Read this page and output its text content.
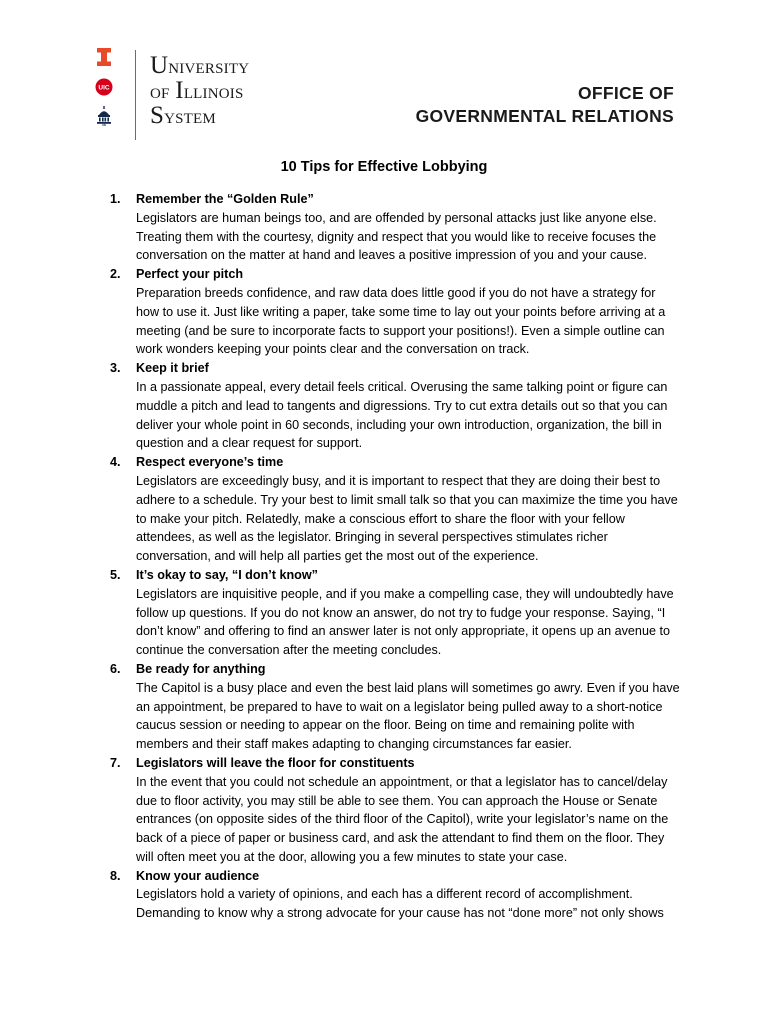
UIC
UIS
University
of Illinois
System
OFFICE OF
GOVERNMENTAL RELATIONS
10 Tips for Effective Lobbying
1. Remember the “Golden Rule”
Legislators are human beings too, and are offended by personal attacks just like anyone else. Treating them with the courtesy, dignity and respect that you would like to receive focuses the conversation on the matter at hand and leaves a positive impression of you and your cause.
2. Perfect your pitch
Preparation breeds confidence, and raw data does little good if you do not have a strategy for how to use it. Just like writing a paper, take some time to lay out your points before arriving at a meeting (and be sure to incorporate facts to support your positions!). Even a simple outline can work wonders keeping your points clear and the conversation on track.
3. Keep it brief
In a passionate appeal, every detail feels critical. Overusing the same talking point or figure can muddle a pitch and lead to tangents and digressions. Try to cut extra details out so that you can deliver your whole point in 60 seconds, including your own introduction, organization, the bill in question and a clear request for support.
4. Respect everyone’s time
Legislators are exceedingly busy, and it is important to respect that they are doing their best to adhere to a schedule. Try your best to limit small talk so that you can maximize the time you have to make your pitch. Relatedly, make a conscious effort to share the floor with your fellow attendees, as well as the legislator. Bringing in several perspectives stimulates richer conversation, and will help all parties get the most out of the experience.
5. It’s okay to say, “I don’t know”
Legislators are inquisitive people, and if you make a compelling case, they will undoubtedly have follow up questions. If you do not know an answer, do not try to fudge your response. Saying, “I don’t know” and offering to find an answer later is not only appropriate, it opens up an avenue to continue the conversation after the meeting concludes.
6. Be ready for anything
The Capitol is a busy place and even the best laid plans will sometimes go awry. Even if you have an appointment, be prepared to have to wait on a legislator being pulled away to a short-notice caucus session or needing to appear on the floor. Being on time and remaining polite with members and their staff makes adapting to changing circumstances far easier.
7. Legislators will leave the floor for constituents
In the event that you could not schedule an appointment, or that a legislator has to cancel/delay due to floor activity, you may still be able to see them. You can approach the House or Senate entrances (on opposite sides of the third floor of the Capitol), write your legislator’s name on the back of a piece of paper or business card, and ask the attendant to find them on the floor. They will often meet you at the door, allowing you a few minutes to state your case.
8. Know your audience
Legislators hold a variety of opinions, and each has a different record of accomplishment. Demanding to know why a strong advocate for your cause has not “done more” not only shows
